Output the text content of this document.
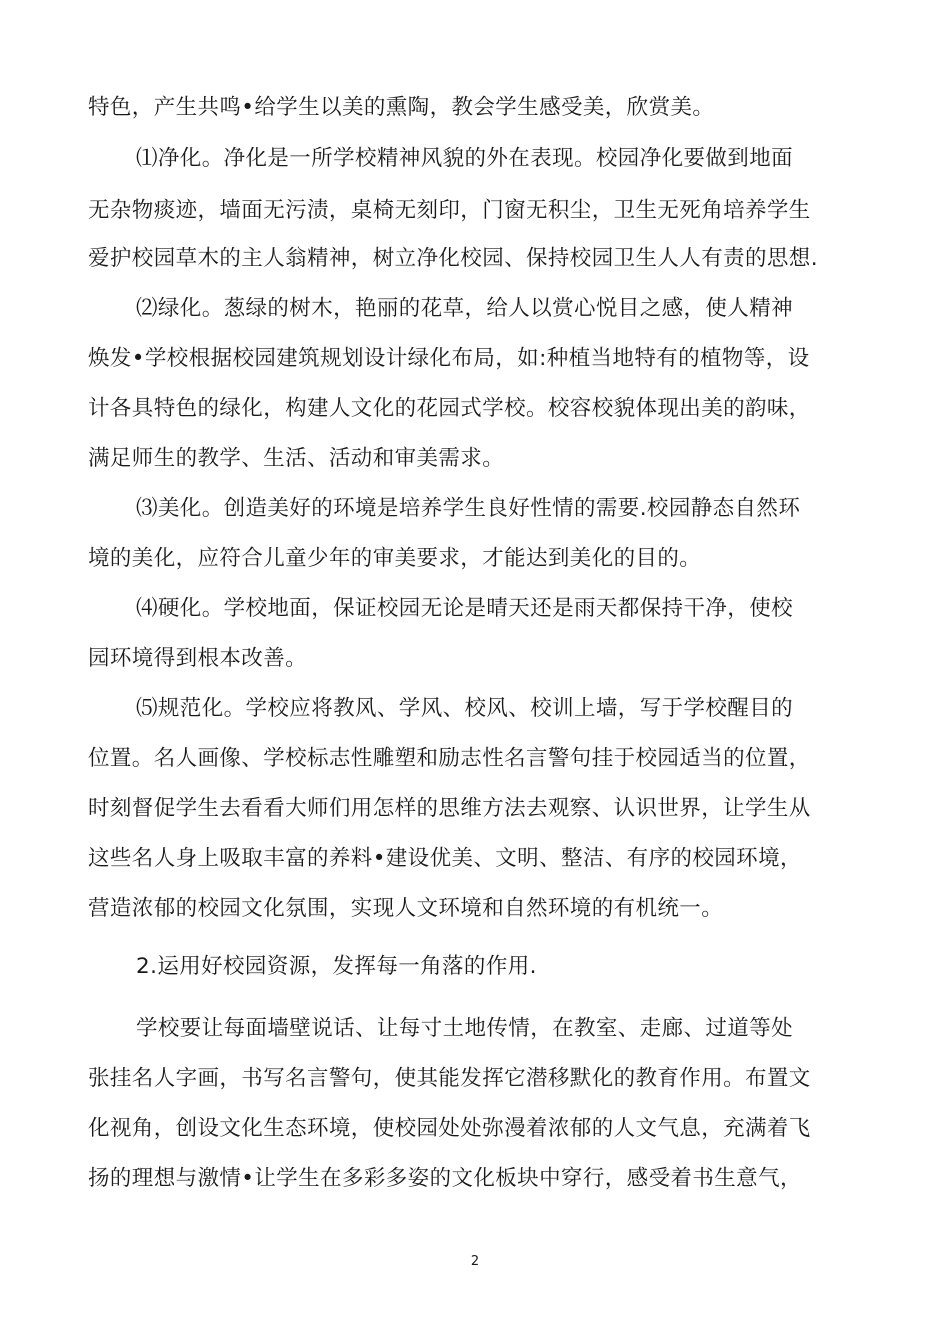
特色，产生共鸣•给学生以美的熏陶，教会学生感受美，欣赏美。
⑴净化。净化是一所学校精神风貌的外在表现。校园净化要做到地面
无杂物痰迹，墙面无污渍，桌椅无刻印，门窗无积尘，卫生无死角培养学生
爱护校园草木的主人翁精神，树立净化校园、保持校园卫生人人有责的思想.
⑵绿化。葱绿的树木，艳丽的花草，给人以赏心悦目之感，使人精神
焕发•学校根据校园建筑规划设计绿化布局，如:种植当地特有的植物等，设
计各具特色的绿化，构建人文化的花园式学校。校容校貌体现出美的韵味，
满足师生的教学、生活、活动和审美需求。
⑶美化。创造美好的环境是培养学生良好性情的需要.校园静态自然环
境的美化，应符合儿童少年的审美要求，才能达到美化的目的。
⑷硬化。学校地面，保证校园无论是晴天还是雨天都保持干净，使校
园环境得到根本改善。
⑸规范化。学校应将教风、学风、校风、校训上墙，写于学校醒目的
位置。名人画像、学校标志性雕塑和励志性名言警句挂于校园适当的位置，
时刻督促学生去看看大师们用怎样的思维方法去观察、认识世界，让学生从
这些名人身上吸取丰富的养料•建设优美、文明、整洁、有序的校园环境，
营造浓郁的校园文化氛围，实现人文环境和自然环境的有机统一。
2.运用好校园资源，发挥每一角落的作用.
学校要让每面墙壁说话、让每寸土地传情，在教室、走廊、过道等处
张挂名人字画，书写名言警句，使其能发挥它潜移默化的教育作用。布置文
化视角，创设文化生态环境，使校园处处弥漫着浓郁的人文气息，充满着飞
扬的理想与激情•让学生在多彩多姿的文化板块中穿行，感受着书生意气，
2
